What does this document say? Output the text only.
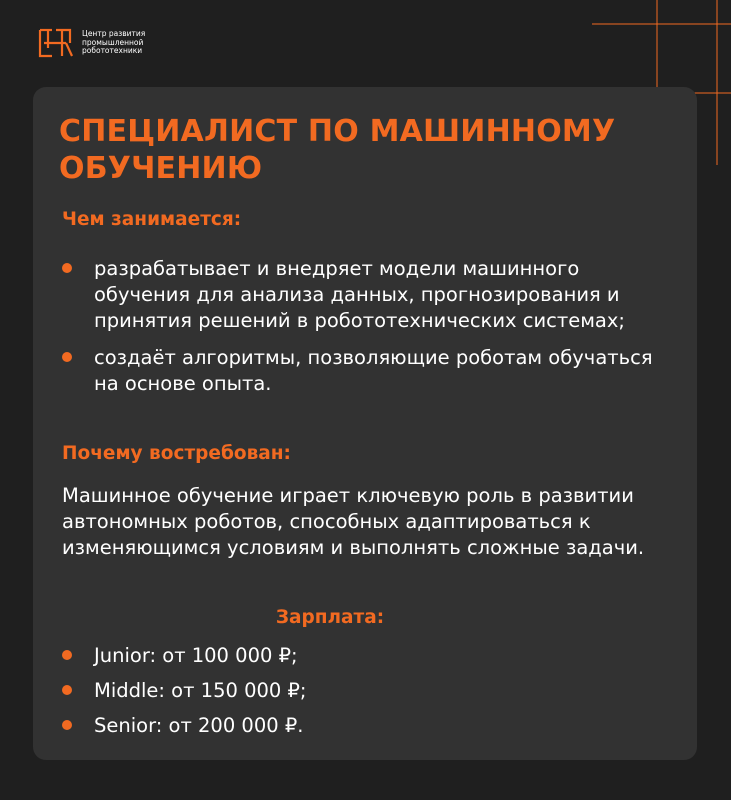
Центр развития
промышленной
робототехники
СПЕЦИАЛИСТ ПО МАШИННОМУ ОБУЧЕНИЮ
Чем занимается:
разрабатывает и внедряет модели машинного обучения для анализа данных, прогнозирования и принятия решений в робототехнических системах;
создаёт алгоритмы, позволяющие роботам обучаться на основе опыта.
Почему востребован:

Машинное обучение играет ключевую роль в развитии автономных роботов, способных адаптироваться к изменяющимся условиям и выполнять сложные задачи.

Зарплата:
Junior: от 100 000 ₽;
Middle: от 150 000 ₽;
Senior: от 200 000 ₽.
